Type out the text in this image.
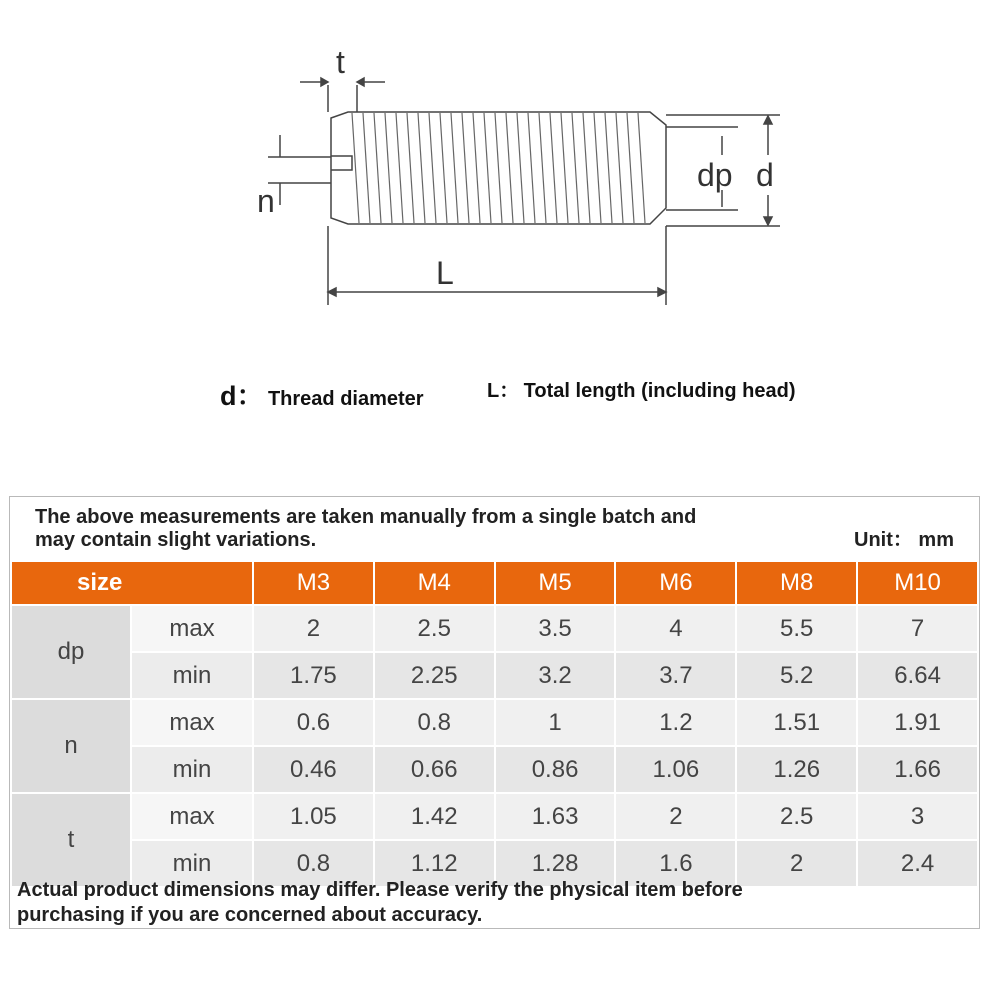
t
n
dp d
L
d： Thread diameter	L： Total length (including head)
The above measurements are taken manually from a single batch and
may contain slight variations.	Unit： mm
size		M3	M4	M5	M6	M8	M10
dp	max	2	2.5	3.5	4	5.5	7
	min	1.75	2.25	3.2	3.7	5.2	6.64
n	max	0.6	0.8	1	1.2	1.51	1.91
	min	0.46	0.66	0.86	1.06	1.26	1.66
t	max	1.05	1.42	1.63	2	2.5	3
	min	0.8	1.12	1.28	1.6	2	2.4
Actual product dimensions may differ. Please verify the physical item before
purchasing if you are concerned about accuracy.
